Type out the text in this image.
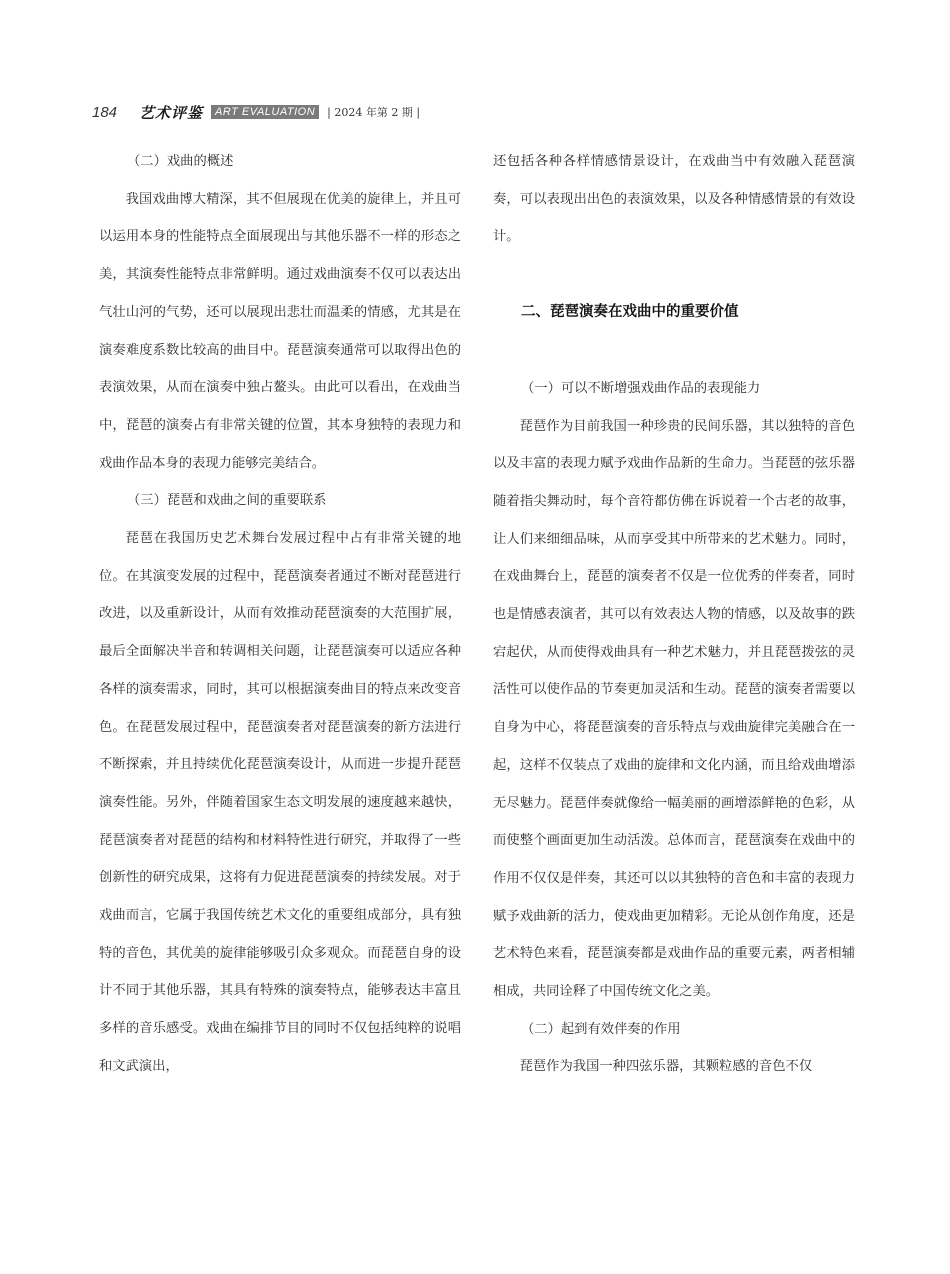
184 艺术评鉴	ART EVALUATION	| 2024 年第 2 期 |

（二）戏曲的概述

我国戏曲博大精深，其不但展现在优美的旋律上，并且可以运用本身的性能特点全面展现出与其他乐器不一样的形态之美，其演奏性能特点非常鲜明。通过戏曲演奏不仅可以表达出气壮山河的气势，还可以展现出悲壮而温柔的情感，尤其是在演奏难度系数比较高的曲目中。琵琶演奏通常可以取得出色的表演效果，从而在演奏中独占鳌头。由此可以看出，在戏曲当中，琵琶的演奏占有非常关键的位置，其本身独特的表现力和戏曲作品本身的表现力能够完美结合。

（三）琵琶和戏曲之间的重要联系

琵琶在我国历史艺术舞台发展过程中占有非常关键的地位。在其演变发展的过程中，琵琶演奏者通过不断对琵琶进行改进，以及重新设计，从而有效推动琵琶演奏的大范围扩展，最后全面解决半音和转调相关问题，让琵琶演奏可以适应各种各样的演奏需求，同时，其可以根据演奏曲目的特点来改变音色。在琵琶发展过程中，琵琶演奏者对琵琶演奏的新方法进行不断探索，并且持续优化琵琶演奏设计，从而进一步提升琵琶演奏性能。另外，伴随着国家生态文明发展的速度越来越快，琵琶演奏者对琵琶的结构和材料特性进行研究，并取得了一些创新性的研究成果，这将有力促进琵琶演奏的持续发展。对于戏曲而言，它属于我国传统艺术文化的重要组成部分，具有独特的音色，其优美的旋律能够吸引众多观众。而琵琶自身的设计不同于其他乐器，其具有特殊的演奏特点，能够表达丰富且多样的音乐感受。戏曲在编排节目的同时不仅包括纯粹的说唱和文武演出，

还包括各种各样情感情景设计，在戏曲当中有效融入琵琶演奏，可以表现出出色的表演效果，以及各种情感情景的有效设计。

二、琵琶演奏在戏曲中的重要价值

（一）可以不断增强戏曲作品的表现能力

琵琶作为目前我国一种珍贵的民间乐器，其以独特的音色以及丰富的表现力赋予戏曲作品新的生命力。当琵琶的弦乐器随着指尖舞动时，每个音符都仿佛在诉说着一个古老的故事，让人们来细细品味，从而享受其中所带来的艺术魅力。同时，在戏曲舞台上，琵琶的演奏者不仅是一位优秀的伴奏者，同时也是情感表演者，其可以有效表达人物的情感，以及故事的跌宕起伏，从而使得戏曲具有一种艺术魅力，并且琵琶拨弦的灵活性可以使作品的节奏更加灵活和生动。琵琶的演奏者需要以自身为中心，将琵琶演奏的音乐特点与戏曲旋律完美融合在一起，这样不仅装点了戏曲的旋律和文化内涵，而且给戏曲增添无尽魅力。琵琶伴奏就像给一幅美丽的画增添鲜艳的色彩，从而使整个画面更加生动活泼。总体而言，琵琶演奏在戏曲中的作用不仅仅是伴奏，其还可以以其独特的音色和丰富的表现力赋予戏曲新的活力，使戏曲更加精彩。无论从创作角度，还是艺术特色来看，琵琶演奏都是戏曲作品的重要元素，两者相辅相成，共同诠释了中国传统文化之美。

（二）起到有效伴奏的作用

琵琶作为我国一种四弦乐器，其颗粒感的音色不仅
